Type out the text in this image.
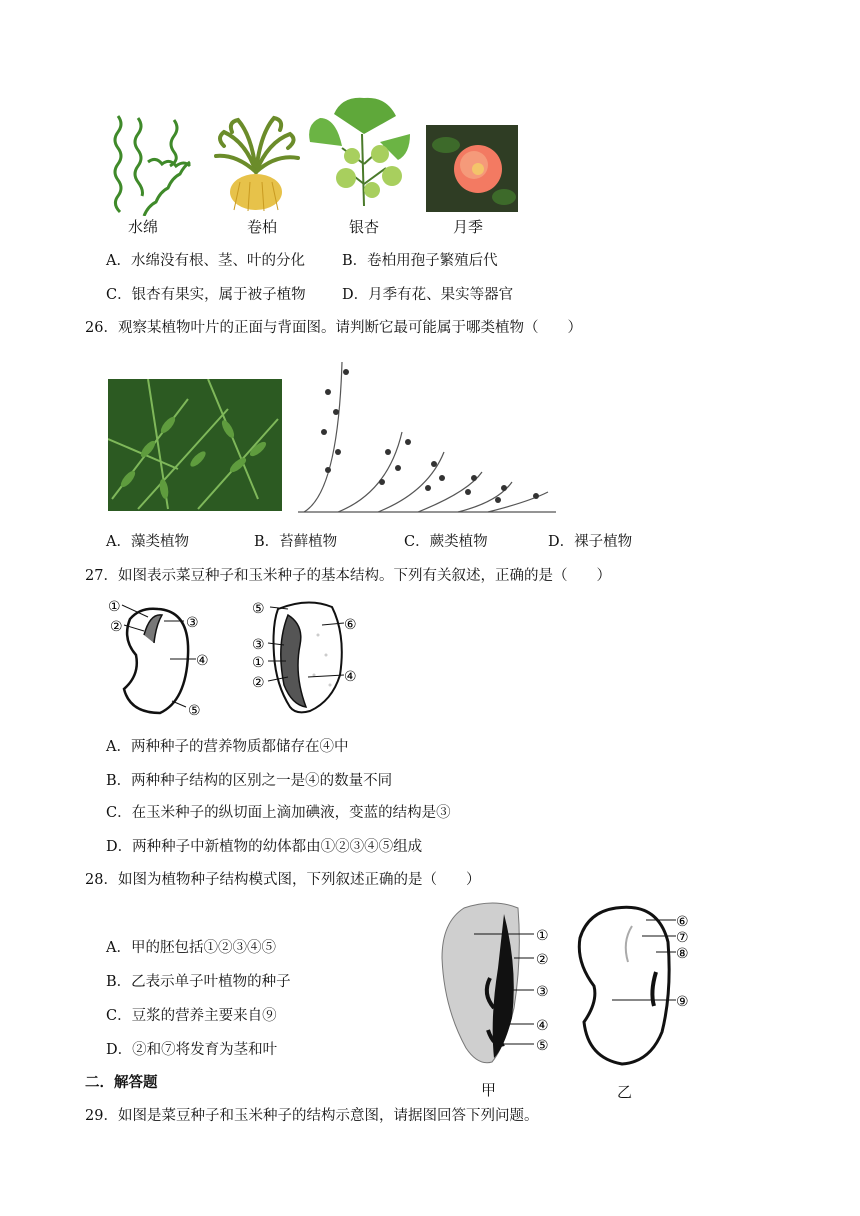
水绵	卷柏	银杏	月季
A．水绵没有根、茎、叶的分化	B．卷柏用孢子繁殖后代
C．银杏有果实，属于被子植物	D．月季有花、果实等器官
26．观察某植物叶片的正面与背面图。请判断它最可能属于哪类植物（　　）
A．藻类植物	B．苔藓植物	C．蕨类植物	D．裸子植物
27．如图表示菜豆种子和玉米种子的基本结构。下列有关叙述，正确的是（　　）
①
②	③
④
⑤
⑤
③
①
②
⑥
④
A．两种种子的营养物质都储存在④中
B．两种种子结构的区别之一是④的数量不同
C．在玉米种子的纵切面上滴加碘液，变蓝的结构是③
D．两种种子中新植物的幼体都由①②③④⑤组成
28．如图为植物种子结构模式图，下列叙述正确的是（　　）
①
②
③
④
⑤
甲
⑥
⑦
⑧
⑨
乙
A．甲的胚包括①②③④⑤
B．乙表示单子叶植物的种子
C．豆浆的营养主要来自⑨
D．②和⑦将发育为茎和叶
二．解答题
29．如图是菜豆种子和玉米种子的结构示意图，请据图回答下列问题。
